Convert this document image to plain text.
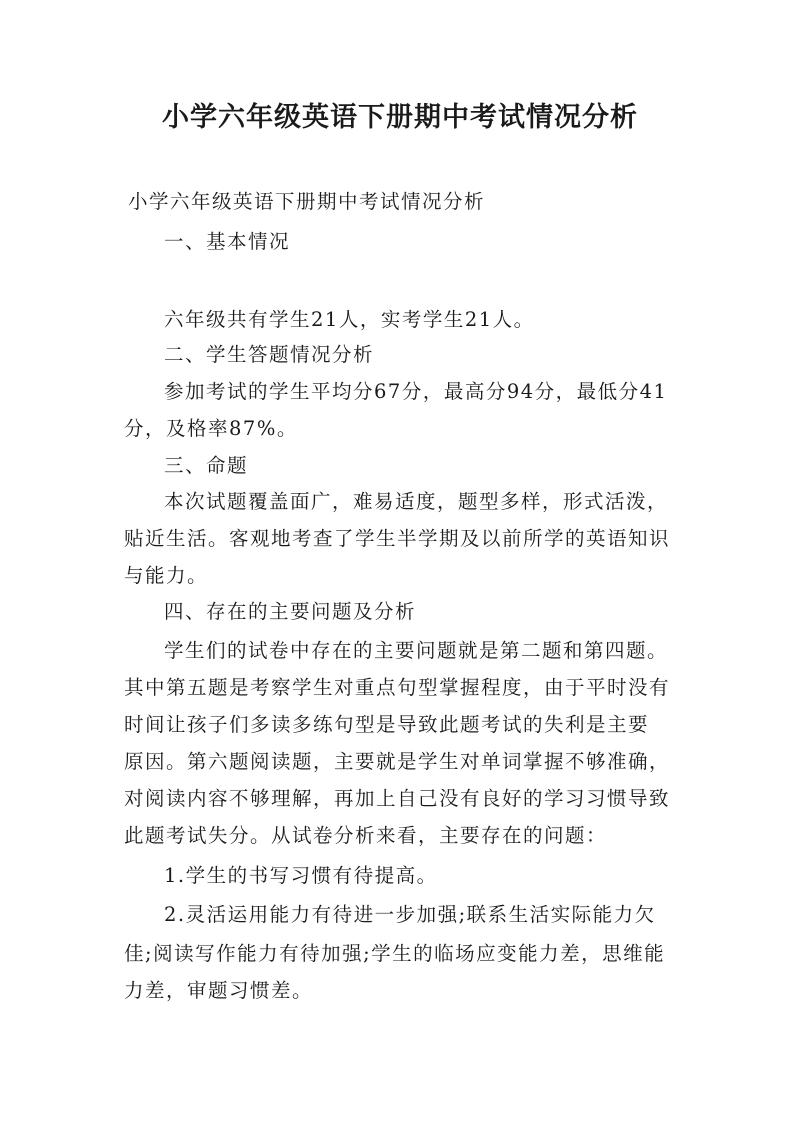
小学六年级英语下册期中考试情况分析
小学六年级英语下册期中考试情况分析
一、基本情况
六年级共有学生21人，实考学生21人。
二、学生答题情况分析
参加考试的学生平均分67分，最高分94分，最低分41
分，及格率87%。
三、命题
本次试题覆盖面广，难易适度，题型多样，形式活泼，
贴近生活。客观地考查了学生半学期及以前所学的英语知识
与能力。
四、存在的主要问题及分析
学生们的试卷中存在的主要问题就是第二题和第四题。
其中第五题是考察学生对重点句型掌握程度，由于平时没有
时间让孩子们多读多练句型是导致此题考试的失利是主要
原因。第六题阅读题，主要就是学生对单词掌握不够准确，
对阅读内容不够理解，再加上自己没有良好的学习习惯导致
此题考试失分。从试卷分析来看，主要存在的问题：
1.学生的书写习惯有待提高。
2.灵活运用能力有待进一步加强;联系生活实际能力欠
佳;阅读写作能力有待加强;学生的临场应变能力差，思维能
力差，审题习惯差。
